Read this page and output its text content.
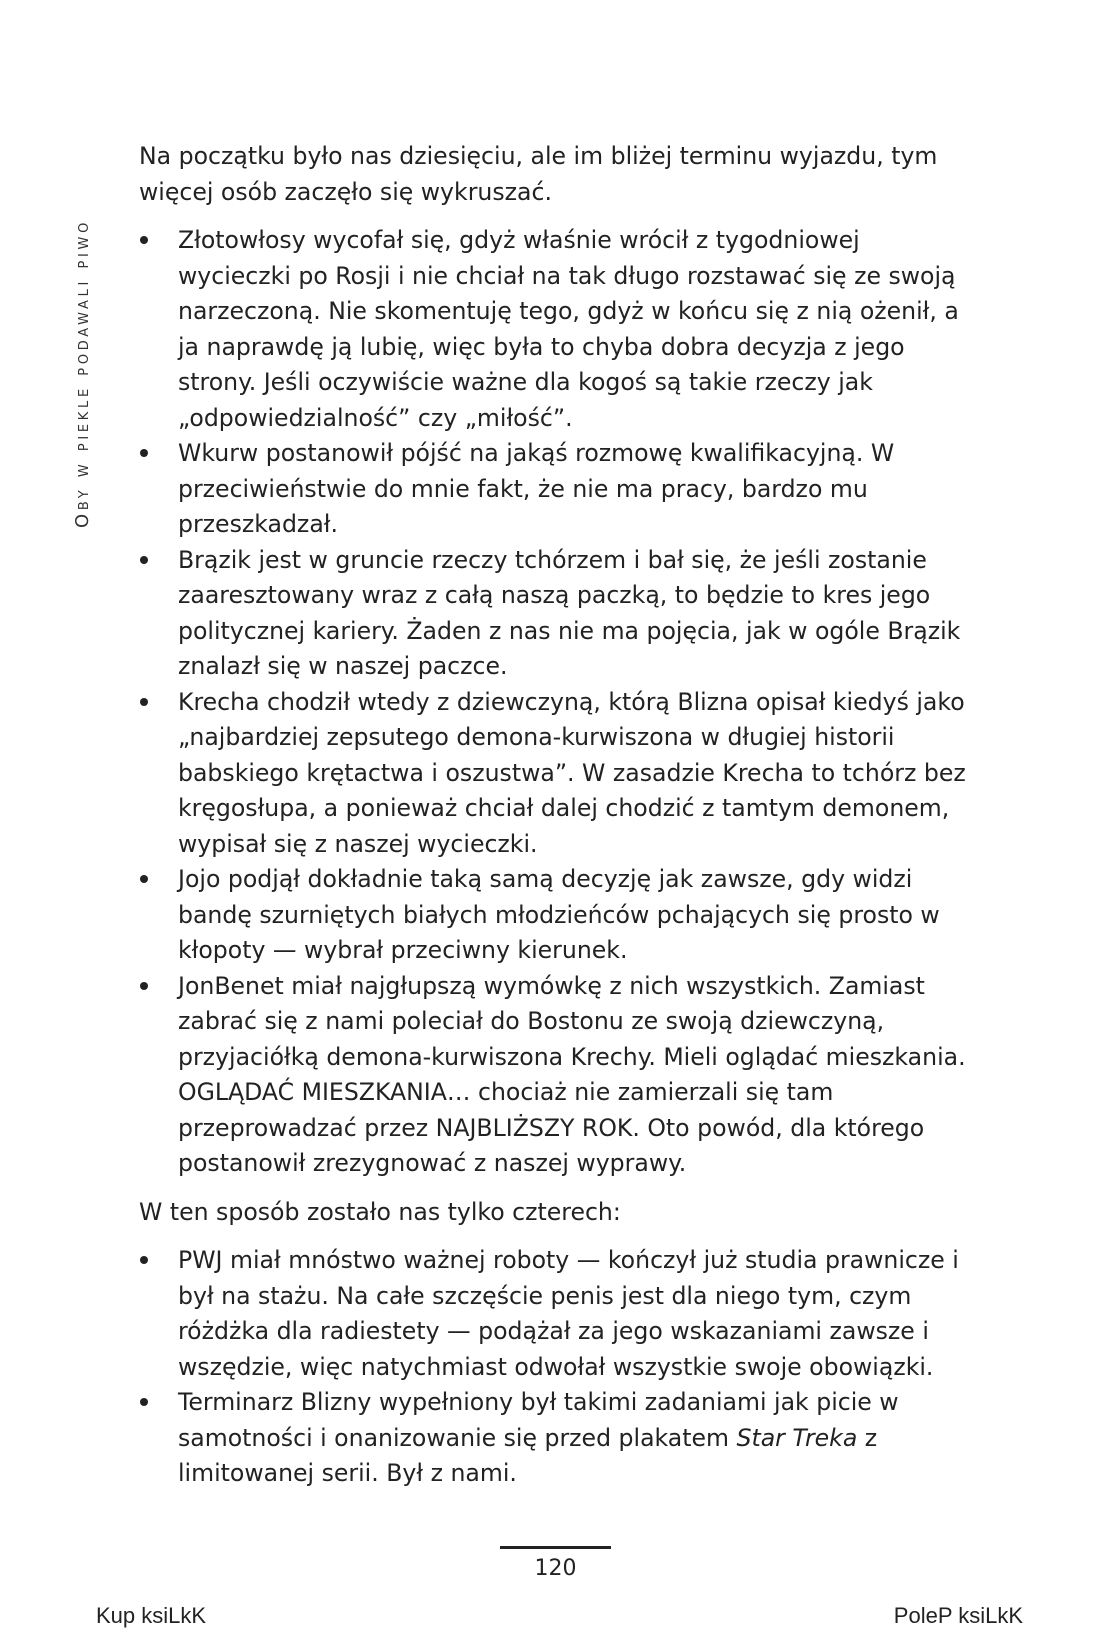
Oby w piekle podawali piwo

Na początku było nas dziesięciu, ale im bliżej terminu wyjazdu, tym więcej osób zaczęło się wykruszać.

Złotowłosy wycofał się, gdyż właśnie wrócił z tygodniowej wycieczki po Rosji i nie chciał na tak długo rozstawać się ze swoją narzeczoną. Nie skomentuję tego, gdyż w końcu się z nią ożenił, a ja naprawdę ją lubię, więc była to chyba dobra decyzja z jego strony. Jeśli oczywiście ważne dla kogoś są takie rzeczy jak „odpowiedzialność” czy „miłość”.
Wkurw postanowił pójść na jakąś rozmowę kwalifikacyjną. W przeciwieństwie do mnie fakt, że nie ma pracy, bardzo mu przeszkadzał.
Brązik jest w gruncie rzeczy tchórzem i bał się, że jeśli zostanie zaaresztowany wraz z całą naszą paczką, to będzie to kres jego politycznej kariery. Żaden z nas nie ma pojęcia, jak w ogóle Brązik znalazł się w naszej paczce.
Krecha chodził wtedy z dziewczyną, którą Blizna opisał kiedyś jako „najbardziej zepsutego demona-kurwiszona w długiej historii babskiego krętactwa i oszustwa”. W zasadzie Krecha to tchórz bez kręgosłupa, a ponieważ chciał dalej chodzić z tamtym demonem, wypisał się z naszej wycieczki.
Jojo podjął dokładnie taką samą decyzję jak zawsze, gdy widzi bandę szurniętych białych młodzieńców pchających się prosto w kłopoty — wybrał przeciwny kierunek.
JonBenet miał najgłupszą wymówkę z nich wszystkich. Zamiast zabrać się z nami poleciał do Bostonu ze swoją dziewczyną, przyjaciółką demona-kurwiszona Krechy. Mieli oglądać mieszkania. OGLĄDAĆ MIESZKANIA… chociaż nie zamierzali się tam przeprowadzać przez NAJBLIŻSZY ROK. Oto powód, dla którego postanowił zrezygnować z naszej wyprawy.

W ten sposób zostało nas tylko czterech:

PWJ miał mnóstwo ważnej roboty — kończył już studia prawnicze i był na stażu. Na całe szczęście penis jest dla niego tym, czym różdżka dla radiestety — podążał za jego wskazaniami zawsze i wszędzie, więc natychmiast odwołał wszystkie swoje obowiązki.
Terminarz Blizny wypełniony był takimi zadaniami jak picie w samotności i onanizowanie się przed plakatem Star Treka z limitowanej serii. Był z nami.
120
Kup ksiLkK	PoleP ksiLkK
